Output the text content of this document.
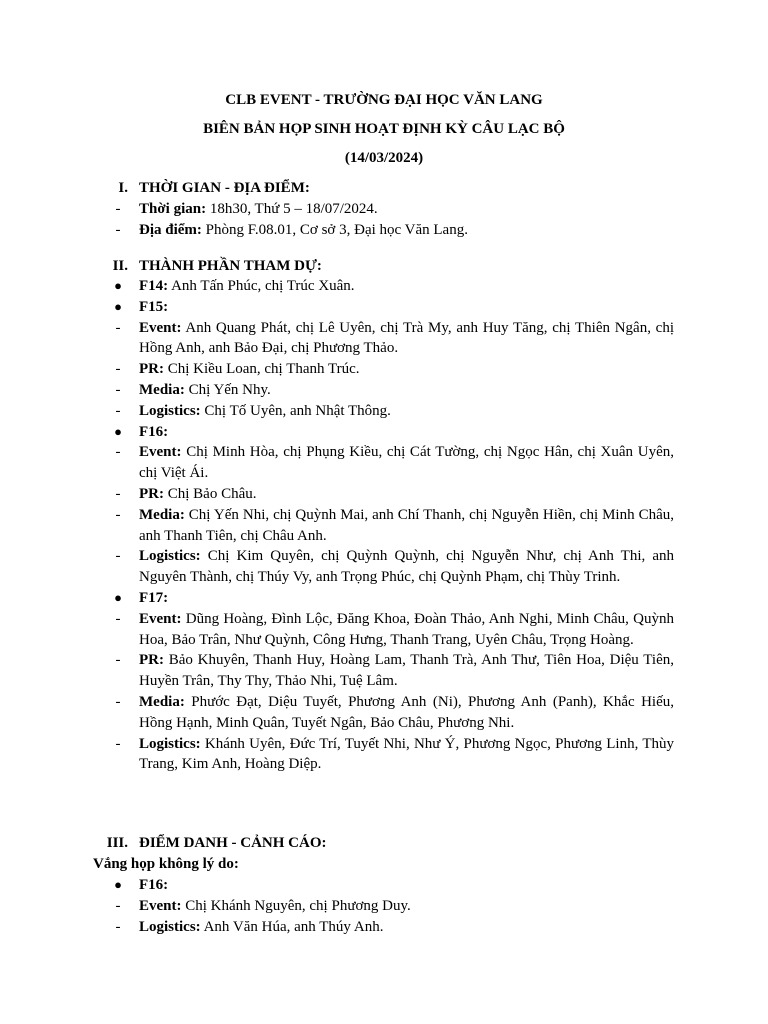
CLB EVENT - TRƯỜNG ĐẠI HỌC VĂN LANG
BIÊN BẢN HỌP SINH HOẠT ĐỊNH KỲ CÂU LẠC BỘ
(14/03/2024)
I. THỜI GIAN - ĐỊA ĐIỂM:
-	Thời gian: 18h30, Thứ 5 – 18/07/2024.
-	Địa điểm: Phòng F.08.01, Cơ sở 3, Đại học Văn Lang.
II. THÀNH PHẦN THAM DỰ:
●	F14: Anh Tấn Phúc, chị Trúc Xuân.
●	F15:
-	Event: Anh Quang Phát, chị Lê Uyên, chị Trà My, anh Huy Tăng, chị Thiên Ngân, chị Hồng Anh, anh Bảo Đại, chị Phương Thảo.
-	PR: Chị Kiều Loan, chị Thanh Trúc.
-	Media: Chị Yến Nhy.
-	Logistics: Chị Tố Uyên, anh Nhật Thông.
●	F16:
-	Event: Chị Minh Hòa, chị Phụng Kiều, chị Cát Tường, chị Ngọc Hân, chị Xuân Uyên, chị Việt Ái.
-	PR: Chị Bảo Châu.
-	Media: Chị Yến Nhi, chị Quỳnh Mai, anh Chí Thanh, chị Nguyễn Hiền, chị Minh Châu, anh Thanh Tiên, chị Châu Anh.
-	Logistics: Chị Kim Quyên, chị Quỳnh Quỳnh, chị Nguyễn Như, chị Anh Thi, anh Nguyên Thành, chị Thúy Vy, anh Trọng Phúc, chị Quỳnh Phạm, chị Thùy Trinh.
●	F17:
-	Event: Dũng Hoàng, Đình Lộc, Đăng Khoa, Đoàn Thảo, Anh Nghi, Minh Châu, Quỳnh Hoa, Bảo Trân, Như Quỳnh, Công Hưng, Thanh Trang, Uyên Châu, Trọng Hoàng.
-	PR: Bảo Khuyên, Thanh Huy, Hoàng Lam, Thanh Trà, Anh Thư, Tiên Hoa, Diệu Tiên, Huyền Trân, Thy Thy, Thảo Nhi, Tuệ Lâm.
-	Media: Phước Đạt, Diệu Tuyết, Phương Anh (Ni), Phương Anh (Panh), Khắc Hiếu, Hồng Hạnh, Minh Quân, Tuyết Ngân, Bảo Châu, Phương Nhi.
-	Logistics: Khánh Uyên, Đức Trí, Tuyết Nhi, Như Ý, Phương Ngọc, Phương Linh, Thùy Trang, Kim Anh, Hoàng Diệp.
III. ĐIỂM DANH - CẢNH CÁO:
Vắng họp không lý do:
●	F16:
-	Event: Chị Khánh Nguyên, chị Phương Duy.
-	Logistics: Anh Văn Húa, anh Thúy Anh.
